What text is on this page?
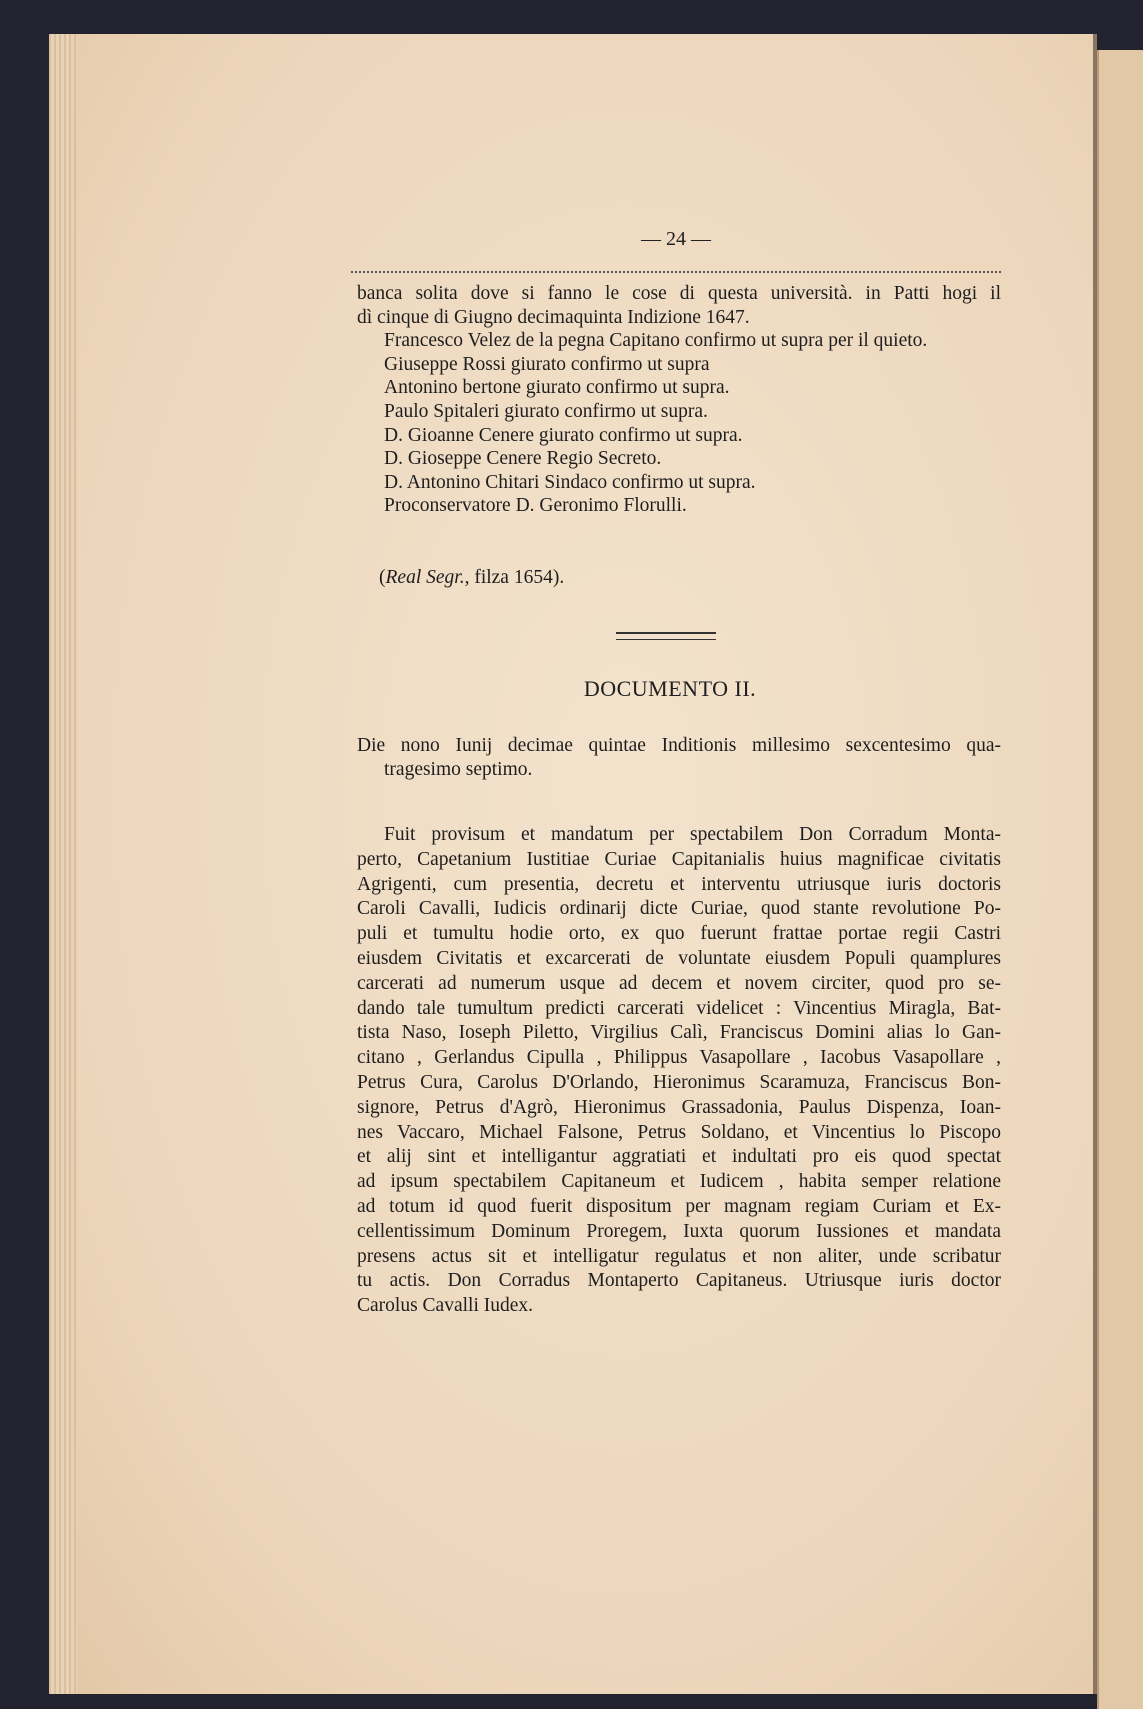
— 24 —
banca solita dove si fanno le cose di questa università. in Patti hogi il
dì cinque di Giugno decimaquinta Indizione 1647.
Francesco Velez de la pegna Capitano confirmo ut supra per il quieto.
Giuseppe Rossi giurato confirmo ut supra
Antonino bertone giurato confirmo ut supra.
Paulo Spitaleri giurato confirmo ut supra.
D. Gioanne Cenere giurato confirmo ut supra.
D. Gioseppe Cenere Regio Secreto.
D. Antonino Chitari Sindaco confirmo ut supra.
Proconservatore D. Geronimo Florulli.
(Real Segr., filza 1654).
DOCUMENTO II.
Die nono Iunij decimae quintae Inditionis millesimo sexcentesimo qua-
tragesimo septimo.
Fuit provisum et mandatum per spectabilem Don Corradum Monta-
perto, Capetanium Iustitiae Curiae Capitanialis huius magnificae civitatis
Agrigenti, cum presentia, decretu et interventu utriusque iuris doctoris
Caroli Cavalli, Iudicis ordinarij dicte Curiae, quod stante revolutione Po-
puli et tumultu hodie orto, ex quo fuerunt frattae portae regii Castri
eiusdem Civitatis et excarcerati de voluntate eiusdem Populi quamplures
carcerati ad numerum usque ad decem et novem circiter, quod pro se-
dando tale tumultum predicti carcerati videlicet : Vincentius Miragla, Bat-
tista Naso, Ioseph Piletto, Virgilius Calì, Franciscus Domini alias lo Gan-
citano , Gerlandus Cipulla , Philippus Vasapollare , Iacobus Vasapollare ,
Petrus Cura, Carolus D'Orlando, Hieronimus Scaramuza, Franciscus Bon-
signore, Petrus d'Agrò, Hieronimus Grassadonia, Paulus Dispenza, Ioan-
nes Vaccaro, Michael Falsone, Petrus Soldano, et Vincentius lo Piscopo
et alij sint et intelligantur aggratiati et indultati pro eis quod spectat
ad ipsum spectabilem Capitaneum et Iudicem , habita semper relatione
ad totum id quod fuerit dispositum per magnam regiam Curiam et Ex-
cellentissimum Dominum Proregem, Iuxta quorum Iussiones et mandata
presens actus sit et intelligatur regulatus et non aliter, unde scribatur
tu actis. Don Corradus Montaperto Capitaneus. Utriusque iuris doctor
Carolus Cavalli Iudex.
